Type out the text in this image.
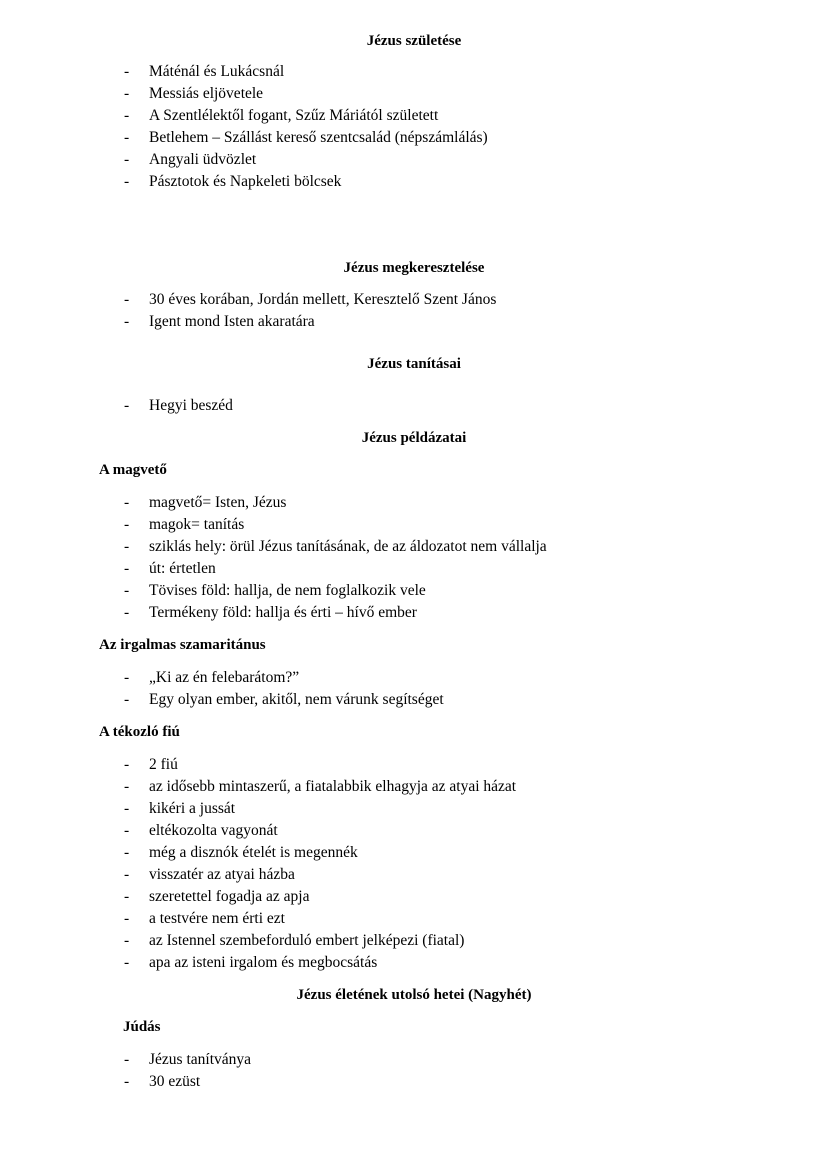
Jézus születése
- Máténál és Lukácsnál
- Messiás eljövetele
- A Szentlélektől fogant, Szűz Máriától született
- Betlehem – Szállást kereső szentcsalád (népszámlálás)
- Angyali üdvözlet
- Pásztotok és Napkeleti bölcsek
Jézus megkeresztelése
- 30 éves korában, Jordán mellett, Keresztelő Szent János
- Igent mond Isten akaratára
Jézus tanításai
- Hegyi beszéd
Jézus példázatai
A magvető
- magvető= Isten, Jézus
- magok= tanítás
- sziklás hely: örül Jézus tanításának, de az áldozatot nem vállalja
- út: értetlen
- Tövises föld: hallja, de nem foglalkozik vele
- Termékeny föld: hallja és érti – hívő ember
Az irgalmas szamaritánus
- „Ki az én felebarátom?”
- Egy olyan ember, akitől, nem várunk segítséget
A tékozló fiú
- 2 fiú
- az idősebb mintaszerű, a fiatalabbik elhagyja az atyai házat
- kikéri a jussát
- eltékozolta vagyonát
- még a disznók ételét is megennék
- visszatér az atyai házba
- szeretettel fogadja az apja
- a testvére nem érti ezt
- az Istennel szembeforduló embert jelképezi (fiatal)
- apa az isteni irgalom és megbocsátás
Jézus életének utolsó hetei (Nagyhét)
Júdás
- Jézus tanítványa
- 30 ezüst
